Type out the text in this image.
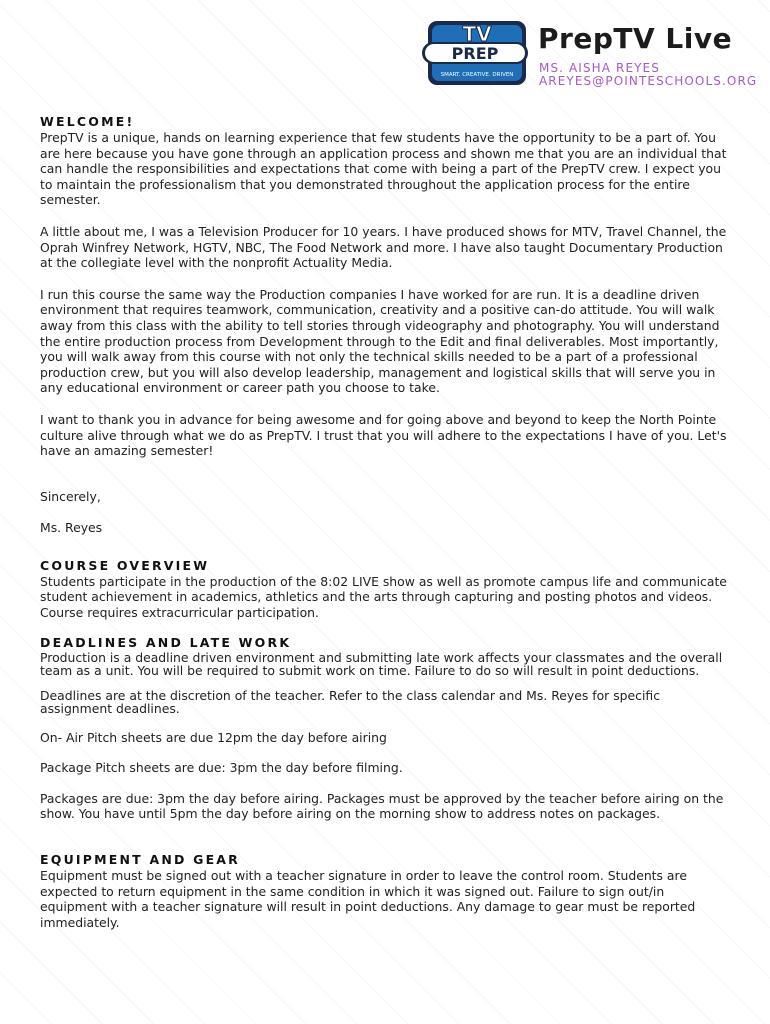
TV
PREP
SMART. CREATIVE. DRIVEN
PrepTV Live
MS. AISHA REYES
AREYES@POINTESCHOOLS.ORG
WELCOME!

PrepTV is a unique, hands on learning experience that few students have the opportunity to be a part of. You are here because you have gone through an application process and shown me that you are an individual that can handle the responsibilities and expectations that come with being a part of the PrepTV crew. I expect you to maintain the professionalism that you demonstrated throughout the application process for the entire semester.

A little about me, I was a Television Producer for 10 years. I have produced shows for MTV, Travel Channel, the Oprah Winfrey Network, HGTV, NBC, The Food Network and more. I have also taught Documentary Production at the collegiate level with the nonprofit Actuality Media.

I run this course the same way the Production companies I have worked for are run. It is a deadline driven environment that requires teamwork, communication, creativity and a positive can-do attitude. You will walk away from this class with the ability to tell stories through videography and photography. You will understand the entire production process from Development through to the Edit and final deliverables. Most importantly, you will walk away from this course with not only the technical skills needed to be a part of a professional production crew, but you will also develop leadership, management and logistical skills that will serve you in any educational environment or career path you choose to take.

I want to thank you in advance for being awesome and for going above and beyond to keep the North Pointe culture alive through what we do as PrepTV. I trust that you will adhere to the expectations I have of you. Let's have an amazing semester!

Sincerely,

Ms. Reyes

COURSE OVERVIEW

Students participate in the production of the 8:02 LIVE show as well as promote campus life and communicate student achievement in academics, athletics and the arts through capturing and posting photos and videos. Course requires extracurricular participation.

DEADLINES AND LATE WORK

Production is a deadline driven environment and submitting late work affects your classmates and the overall team as a unit. You will be required to submit work on time. Failure to do so will result in point deductions.

Deadlines are at the discretion of the teacher. Refer to the class calendar and Ms. Reyes for specific assignment deadlines.

On- Air Pitch sheets are due 12pm the day before airing

Package Pitch sheets are due: 3pm the day before filming.

Packages are due: 3pm the day before airing. Packages must be approved by the teacher before airing on the show. You have until 5pm the day before airing on the morning show to address notes on packages.

EQUIPMENT AND GEAR

Equipment must be signed out with a teacher signature in order to leave the control room. Students are expected to return equipment in the same condition in which it was signed out. Failure to sign out/in equipment with a teacher signature will result in point deductions. Any damage to gear must be reported immediately.
